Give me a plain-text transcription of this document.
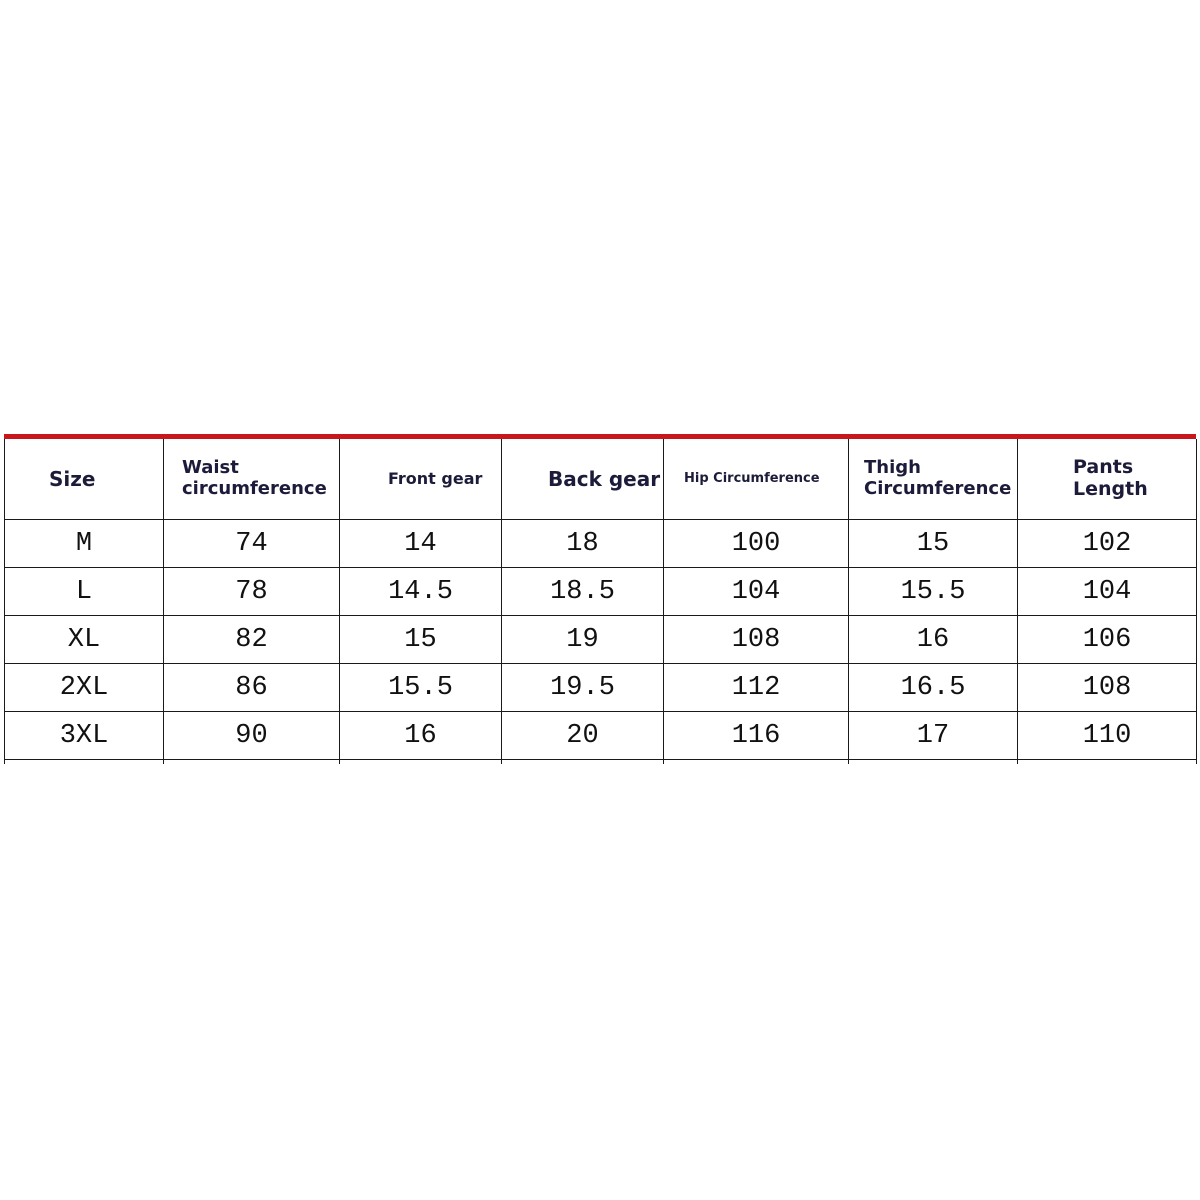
Size	Waist circumference	Front gear	Back gear	Hip Circumference	Thigh Circumference	Pants Length

M	74	14	18	100	15	102
L	78	14.5	18.5	104	15.5	104
XL	82	15	19	108	16	106
2XL	86	15.5	19.5	112	16.5	108
3XL	90	16	20	116	17	110
